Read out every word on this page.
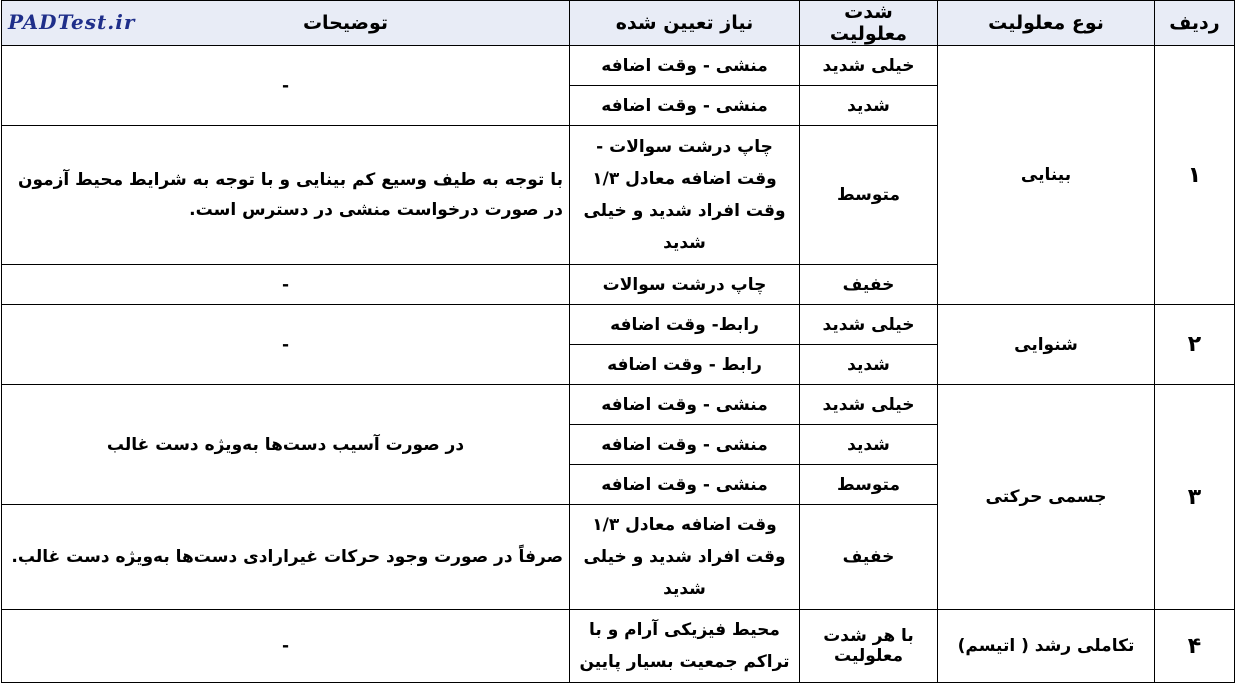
ردیف	نوع معلولیت	شدت معلولیت	نیاز تعیین شده	توضیحات
PADTest.ir

۱	بینایی	خیلی شدید	منشی - وقت اضافه	-
		شدید	منشی - وقت اضافه	
		متوسط	چاپ درشت سوالات - وقت اضافه معادل ۱/۳ وقت افراد شدید و خیلی شدید	با توجه به طیف وسیع کم بینایی و با توجه به شرایط محیط آزمون در صورت درخواست منشی در دسترس است.
		خفیف	چاپ درشت سوالات	-
۲	شنوایی	خیلی شدید	رابط- وقت اضافه	-
		شدید	رابط - وقت اضافه	
۳	جسمی حرکتی	خیلی شدید	منشی - وقت اضافه	در صورت آسیب دست‌ها به‌ویژه دست غالب
		شدید	منشی - وقت اضافه	
		متوسط	منشی - وقت اضافه	
		خفیف	وقت اضافه معادل ۱/۳ وقت افراد شدید و خیلی شدید	صرفاً در صورت وجود حرکات غیرارادی دست‌ها به‌ویژه دست غالب.
۴	تکاملی رشد ( اتیسم)	با هر شدت معلولیت	محیط فیزیکی آرام و با تراکم جمعیت بسیار پایین	-
